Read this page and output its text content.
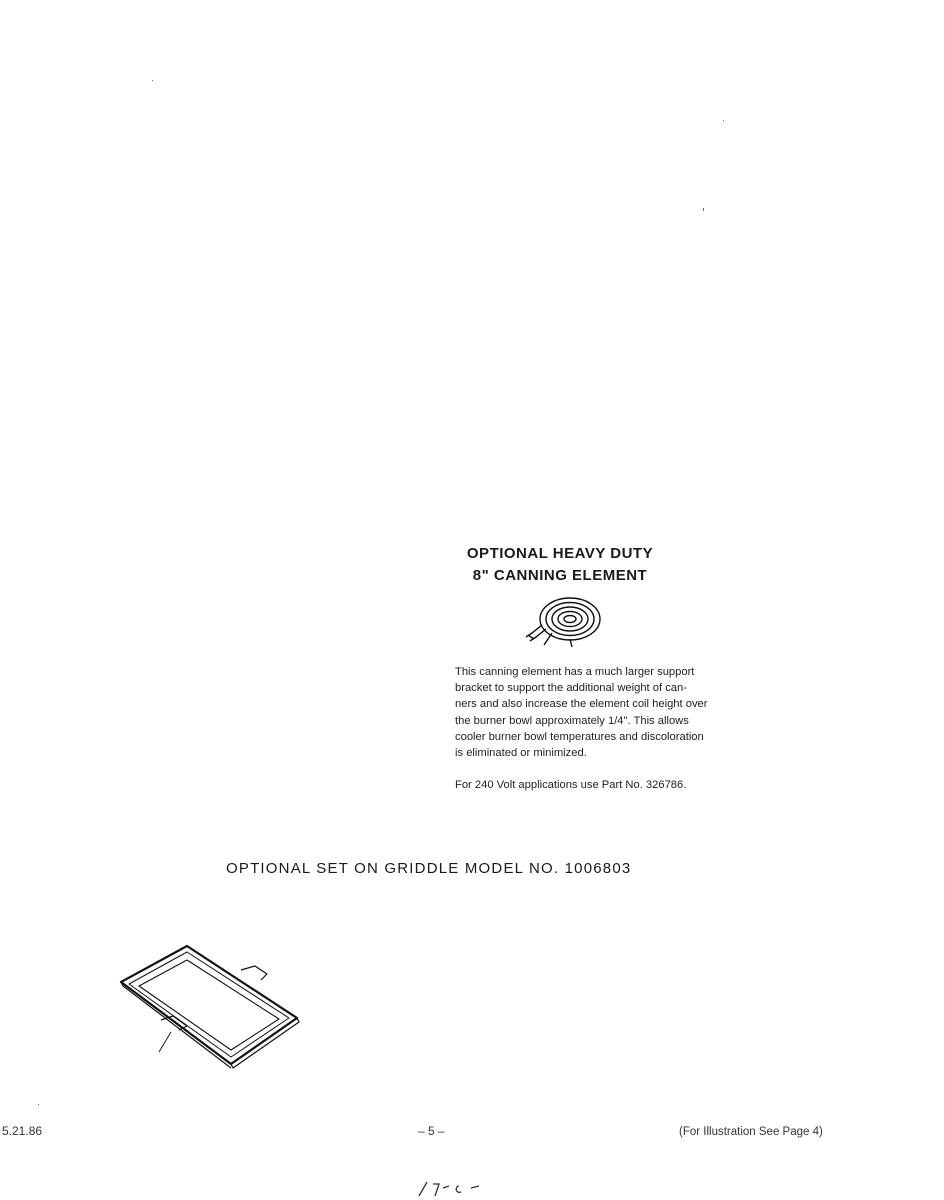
OPTIONAL HEAVY DUTY
8" CANNING ELEMENT
This canning element has a much larger support
bracket to support the additional weight of can-
ners and also increase the element coil height over
the burner bowl approximately 1/4". This allows
cooler burner bowl temperatures and discoloration
is eliminated or minimized.
For 240 Volt applications use Part No. 326786.
OPTIONAL SET ON GRIDDLE MODEL NO. 1006803
5.21.86	– 5 –	(For Illustration See Page 4)
